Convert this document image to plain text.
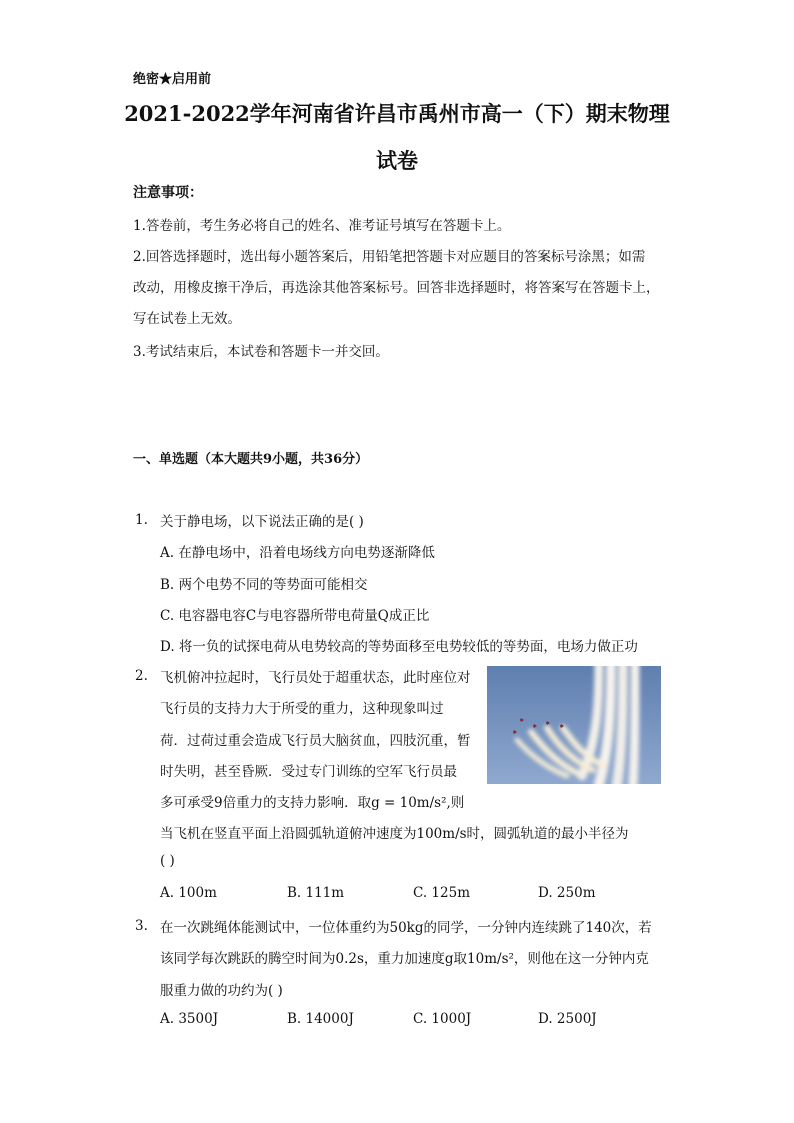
绝密★启用前
2021-2022学年河南省许昌市禹州市高一（下）期末物理
试卷
注意事项：
1.答卷前，考生务必将自己的姓名、准考证号填写在答题卡上。
2.回答选择题时，选出每小题答案后，用铅笔把答题卡对应题目的答案标号涂黑；如需
改动，用橡皮擦干净后，再选涂其他答案标号。回答非选择题时，将答案写在答题卡上，
写在试卷上无效。
3.考试结束后，本试卷和答题卡一并交回。
一、单选题（本大题共9小题，共36分）
1. 关于静电场，以下说法正确的是( )
A. 在静电场中，沿着电场线方向电势逐渐降低
B. 两个电势不同的等势面可能相交
C. 电容器电容C与电容器所带电荷量Q成正比
D. 将一负的试探电荷从电势较高的等势面移至电势较低的等势面，电场力做正功
2. 飞机俯冲拉起时，飞行员处于超重状态，此时座位对
飞行员的支持力大于所受的重力，这种现象叫过
荷．过荷过重会造成飞行员大脑贫血，四肢沉重，暂
时失明，甚至昏厥．受过专门训练的空军飞行员最
多可承受9倍重力的支持力影响．取g = 10m/s²,则
当飞机在竖直平面上沿圆弧轨道俯冲速度为100m/s时，圆弧轨道的最小半径为
( )
A. 100m	B. 111m	C. 125m	D. 250m
3. 在一次跳绳体能测试中，一位体重约为50kg的同学，一分钟内连续跳了140次，若
该同学每次跳跃的腾空时间为0.2s，重力加速度g取10m/s²，则他在这一分钟内克
服重力做的功约为( )
A. 3500J	B. 14000J	C. 1000J	D. 2500J
